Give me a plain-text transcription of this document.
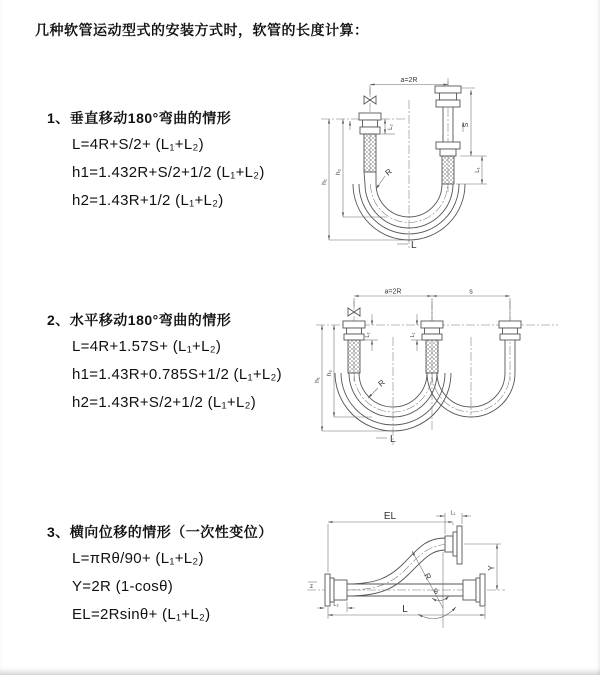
几种软管运动型式的安装方式时，软管的长度计算：
1、垂直移动180°弯曲的情形
L=4R+S/2+ (L₁+L₂)
h1=1.432R+S/2+1/2 (L₁+L₂)
h2=1.43R+1/2 (L₁+L₂)
2、水平移动180°弯曲的情形
L=4R+1.57S+ (L₁+L₂)
h1=1.43R+0.785S+1/2 (L₁+L₂)
h2=1.43R+S/2+1/2 (L₁+L₂)
3、横向位移的情形（一次性变位）
L=πRθ/90+ (L₁+L₂)
Y=2R (1-cosθ)
EL=2Rsinθ+ (L₁+L₂)
a=2R
S
L₁
L₂
h₁
h₂	R
L
a=2R	s
L₂	L₁
h₁
h₂
R
L
z
R
θ
EL	L₁
Y
L₂	L
